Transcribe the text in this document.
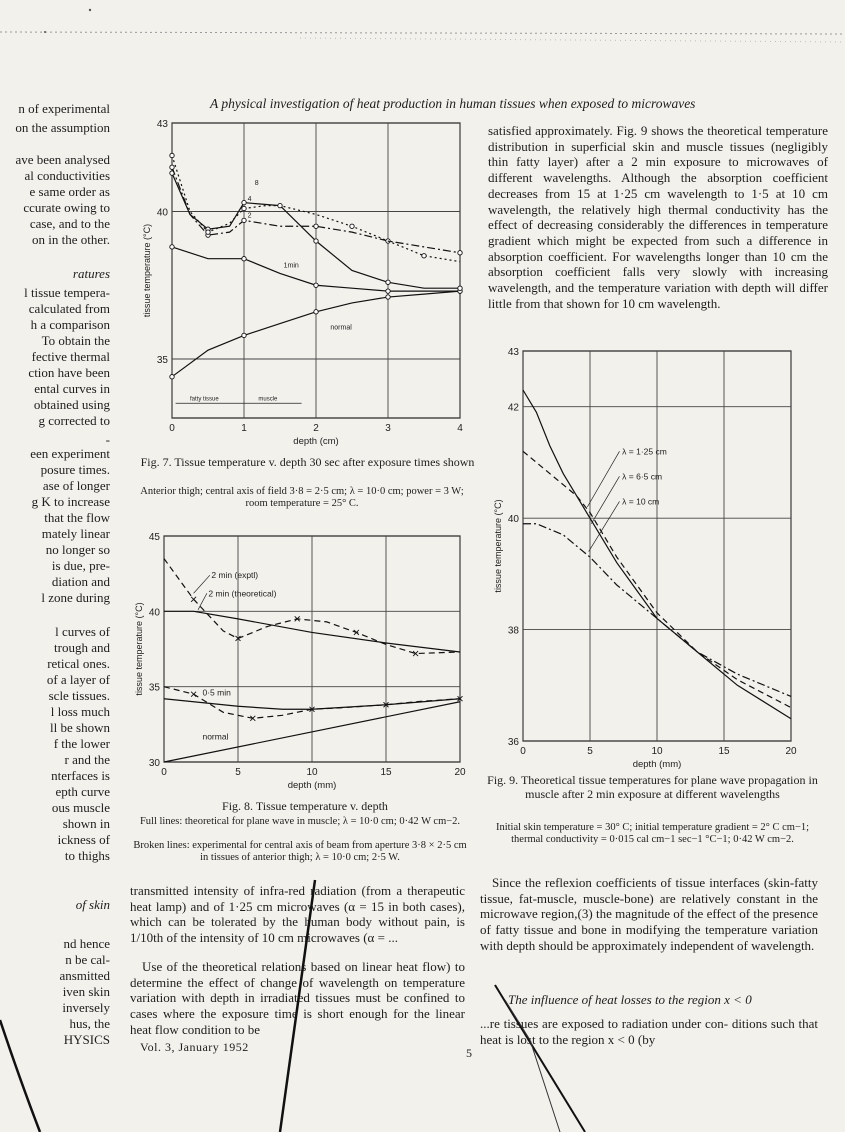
A physical investigation of heat production in human tissues when exposed to microwaves
n of experimental
on the assumption
ave been analysed
al conductivities
e same order as
ccurate owing to
case, and to the
on in the other.
ratures
l tissue tempera-
calculated from
h a comparison
To obtain the
fective thermal
ction have been
ental curves in
obtained using
g corrected to
-
een experiment
posure times.
ase of longer
g K to increase
that the flow
mately linear
no longer so
is due, pre-
diation and
l zone during
l curves of
trough and
retical ones.
of a layer of
scle tissues.
l loss much
ll be shown
f the lower
r and the
nterfaces is
epth curve
ous muscle
shown in
ickness of
to thighs
of skin
nd hence
n be cal-
ansmitted
iven skin
inversely
hus, the
HYSICS
satisfied approximately. Fig. 9 shows the theoretical temperature distribution in superficial skin and muscle tissues (negligibly thin fatty layer) after a 2 min exposure to microwaves of different wavelengths. Although the absorption coefficient decreases from 15 at 1·25 cm wavelength to 1·5 at 10 cm wavelength, the relatively high thermal conductivity has the effect of decreasing considerably the differences in temperature gradient which might be expected from such a difference in absorption coefficient. For wavelengths longer than 10 cm the absorption coefficient falls very slowly with increasing wavelength, and the temperature variation with depth will differ little from that shown for 10 cm wavelength.
0	1	2	3	4
35
40
43
depth (cm)
tissue temperature (°C)
normal
1min
2
4
8
fatty tissue	muscle
Fig. 7. Tissue temperature v. depth 30 sec after exposure times shown
Anterior thigh; central axis of field 3·8 = 2·5 cm; λ = 10·0 cm; power = 3 W; room temperature = 25° C.
0	5	10	15	20
30
35
40
45
depth (mm)
tissue temperature (°C)
2 min (exptl)
2 min (theoretical)
0·5 min
normal
Fig. 8. Tissue temperature v. depth
Full lines: theoretical for plane wave in muscle; λ = 10·0 cm; 0·42 W cm−2.
Broken lines: experimental for central axis of beam from aperture 3·8 × 2·5 cm in tissues of anterior thigh; λ = 10·0 cm; 2·5 W.
0	5	10	15	20
36
38
40
42
43
depth (mm)
tissue temperature (°C)
λ = 1·25 cm
λ = 6·5 cm
λ = 10 cm
Fig. 9. Theoretical tissue temperatures for plane wave propagation in muscle after 2 min exposure at different wavelengths
Initial skin temperature = 30° C; initial temperature gradient = 2° C cm−1; thermal conductivity = 0·015 cal cm−1 sec−1 °C−1; 0·42 W cm−2.
transmitted intensity of infra-red radiation (from a therapeutic heat lamp) and of 1·25 cm microwaves (α = 15 in both cases), which can be tolerated by the human body without pain, is 1/10th of the intensity of 10 cm microwaves (α = ...
Use of the theoretical relations based on linear heat flow) to determine the effect of change of wavelength on temperature variation with depth in irradiated tissues must be confined to cases where the exposure time is short enough for the linear heat flow condition to be
Vol. 3, January 1952	5
Since the reflexion coefficients of tissue interfaces (skin-fatty tissue, fat-muscle, muscle-bone) are relatively constant in the microwave region,(3) the magnitude of the effect of the presence of fatty tissue and bone in modifying the temperature variation with depth should be approximately independent of wavelength.
The influence of heat losses to the region x < 0
...re tissues are exposed to radiation under con- ditions such that heat is lost to the region x < 0 (by
